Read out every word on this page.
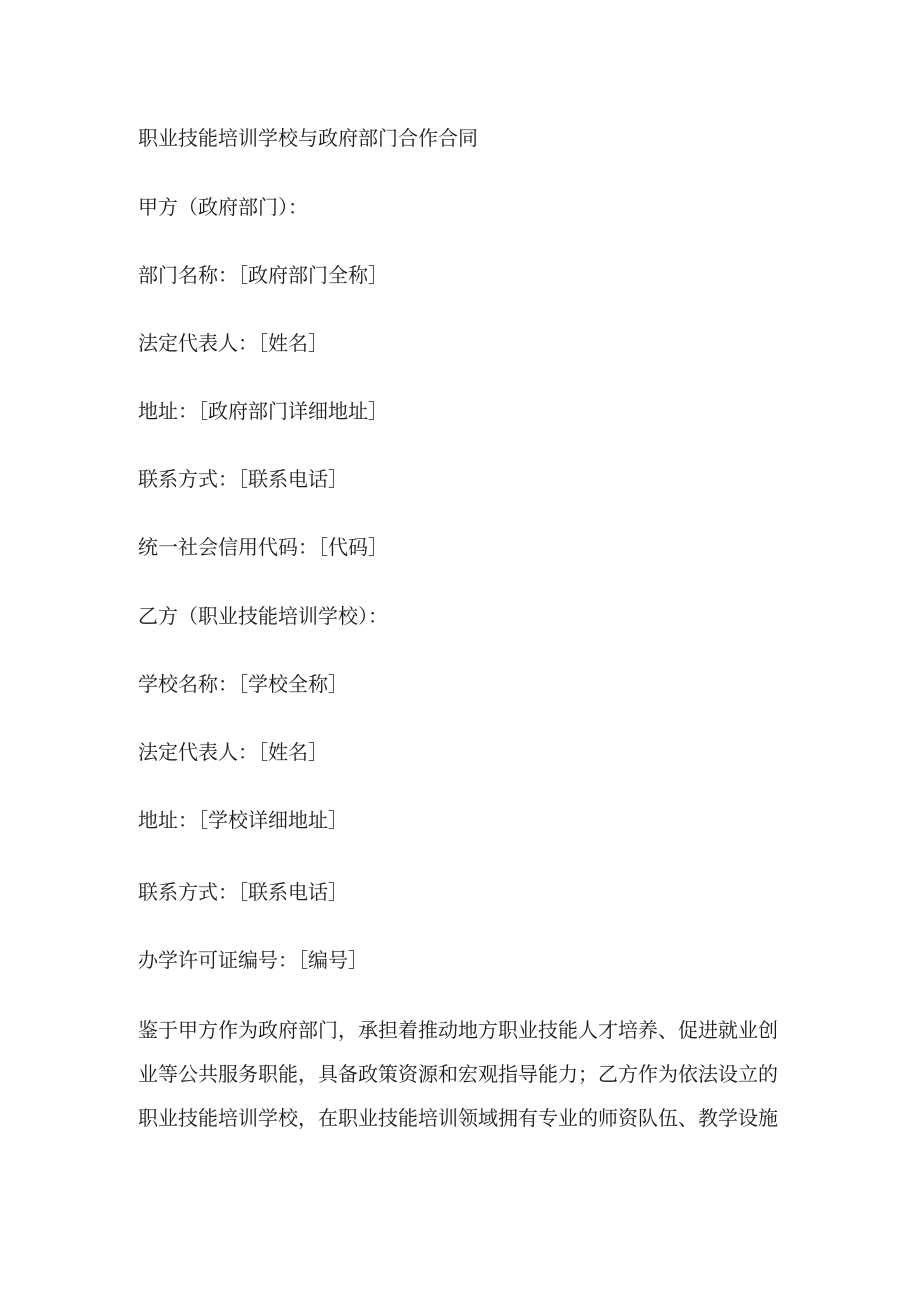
职业技能培训学校与政府部门合作合同
甲方（政府部门）：
部门名称：［政府部门全称］
法定代表人：［姓名］
地址：［政府部门详细地址］
联系方式：［联系电话］
统一社会信用代码：［代码］
乙方（职业技能培训学校）：
学校名称：［学校全称］
法定代表人：［姓名］
地址：［学校详细地址］
联系方式：［联系电话］
办学许可证编号：［编号］
鉴于甲方作为政府部门，承担着推动地方职业技能人才培养、促进就业创
业等公共服务职能，具备政策资源和宏观指导能力；乙方作为依法设立的
职业技能培训学校，在职业技能培训领域拥有专业的师资队伍、教学设施
